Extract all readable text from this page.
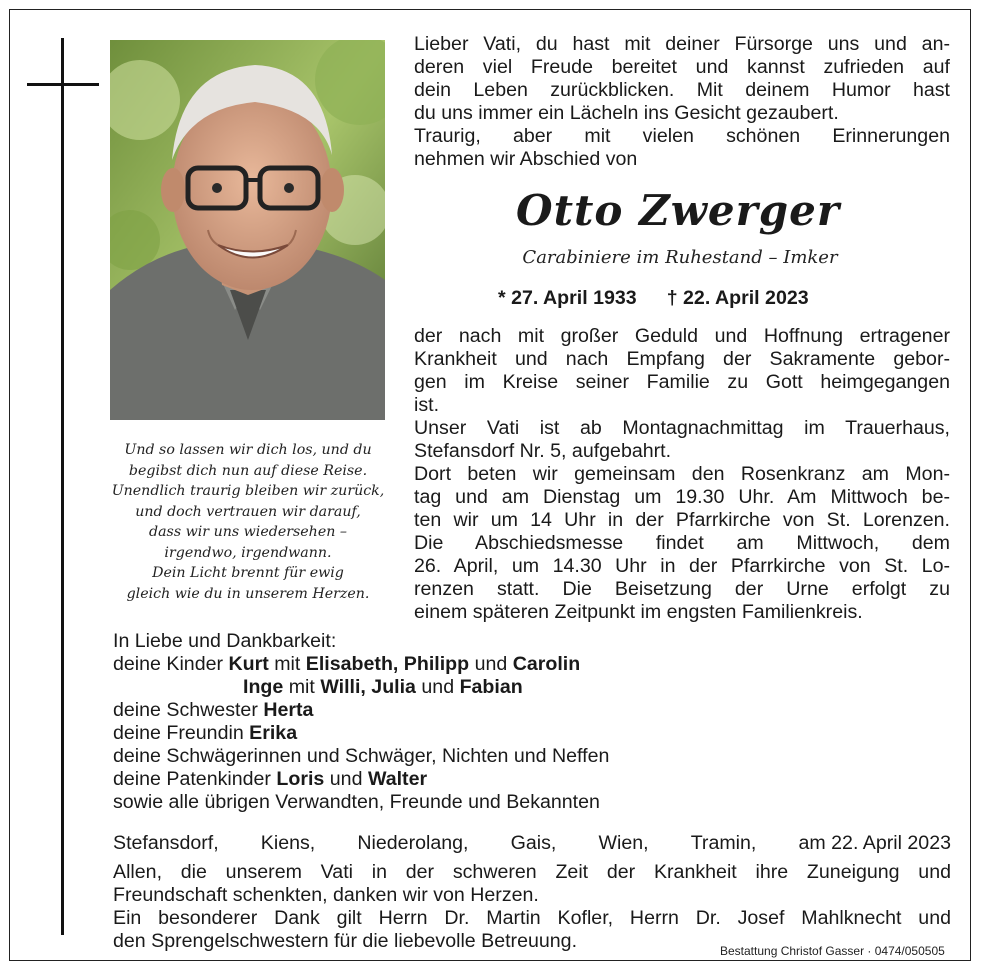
Und so lassen wir dich los, und du
begibst dich nun auf diese Reise.
Unendlich traurig bleiben wir zurück,
und doch vertrauen wir darauf,
dass wir uns wiedersehen –
irgendwo, irgendwann.
Dein Licht brennt für ewig
gleich wie du in unserem Herzen.
Lieber Vati, du hast mit deiner Fürsorge uns und an-
deren viel Freude bereitet und kannst zufrieden auf
dein Leben zurückblicken. Mit deinem Humor hast
du uns immer ein Lächeln ins Gesicht gezaubert.
Traurig, aber mit vielen schönen Erinnerungen
nehmen wir Abschied von
Otto Zwerger
Carabiniere im Ruhestand – Imker
* 27. April 1933 † 22. April 2023
der nach mit großer Geduld und Hoffnung ertragener
Krankheit und nach Empfang der Sakramente gebor-
gen im Kreise seiner Familie zu Gott heimgegangen
ist.
Unser Vati ist ab Montagnachmittag im Trauerhaus,
Stefansdorf Nr. 5, aufgebahrt.
Dort beten wir gemeinsam den Rosenkranz am Mon-
tag und am Dienstag um 19.30 Uhr. Am Mittwoch be-
ten wir um 14 Uhr in der Pfarrkirche von St. Lorenzen.
Die Abschiedsmesse findet am Mittwoch, dem
26. April, um 14.30 Uhr in der Pfarrkirche von St. Lo-
renzen statt. Die Beisetzung der Urne erfolgt zu
einem späteren Zeitpunkt im engsten Familienkreis.
In Liebe und Dankbarkeit:
deine Kinder Kurt mit Elisabeth, Philipp und Carolin
Inge mit Willi, Julia und Fabian
deine Schwester Herta
deine Freundin Erika
deine Schwägerinnen und Schwäger, Nichten und Neffen
deine Patenkinder Loris und Walter
sowie alle übrigen Verwandten, Freunde und Bekannten
Stefansdorf, Kiens, Niederolang, Gais, Wien, Tramin, am 22. April 2023
Allen, die unserem Vati in der schweren Zeit der Krankheit ihre Zuneigung und
Freundschaft schenkten, danken wir von Herzen.
Ein besonderer Dank gilt Herrn Dr. Martin Kofler, Herrn Dr. Josef Mahlknecht und
den Sprengelschwestern für die liebevolle Betreuung.	Bestattung Christof Gasser · 0474/050505
